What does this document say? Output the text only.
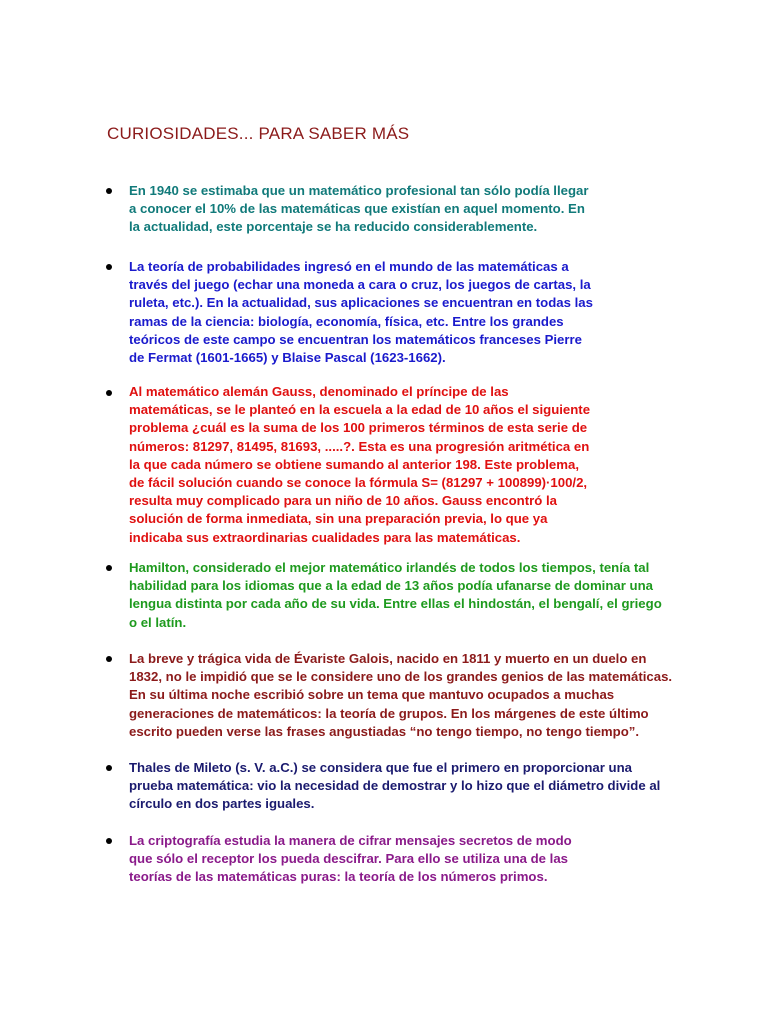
CURIOSIDADES... PARA SABER MÁS

En 1940 se estimaba que un matemático profesional tan sólo podía llegar
a conocer el 10% de las matemáticas que existían en aquel momento. En
la actualidad, este porcentaje se ha reducido considerablemente.

La teoría de probabilidades ingresó en el mundo de las matemáticas a
través del juego (echar una moneda a cara o cruz, los juegos de cartas, la
ruleta, etc.). En la actualidad, sus aplicaciones se encuentran en todas las
ramas de la ciencia: biología, economía, física, etc. Entre los grandes
teóricos de este campo se encuentran los matemáticos franceses Pierre
de Fermat (1601-1665) y Blaise Pascal (1623-1662).

Al matemático alemán Gauss, denominado el príncipe de las
matemáticas, se le planteó en la escuela a la edad de 10 años el siguiente
problema ¿cuál es la suma de los 100 primeros términos de esta serie de
números: 81297, 81495, 81693, .....?. Esta es una progresión aritmética en
la que cada número se obtiene sumando al anterior 198. Este problema,
de fácil solución cuando se conoce la fórmula S= (81297 + 100899)·100/2,
resulta muy complicado para un niño de 10 años. Gauss encontró la
solución de forma inmediata, sin una preparación previa, lo que ya
indicaba sus extraordinarias cualidades para las matemáticas.

Hamilton, considerado el mejor matemático irlandés de todos los tiempos, tenía tal
habilidad para los idiomas que a la edad de 13 años podía ufanarse de dominar una
lengua distinta por cada año de su vida. Entre ellas el hindostán, el bengalí, el griego
o el latín.

La breve y trágica vida de Évariste Galois, nacido en 1811 y muerto en un duelo en
1832, no le impidió que se le considere uno de los grandes genios de las matemáticas.
En su última noche escribió sobre un tema que mantuvo ocupados a muchas
generaciones de matemáticos: la teoría de grupos. En los márgenes de este último
escrito pueden verse las frases angustiadas “no tengo tiempo, no tengo tiempo”.

Thales de Mileto (s. V. a.C.) se considera que fue el primero en proporcionar una
prueba matemática: vio la necesidad de demostrar y lo hizo que el diámetro divide al
círculo en dos partes iguales.

La criptografía estudia la manera de cifrar mensajes secretos de modo
que sólo el receptor los pueda descifrar. Para ello se utiliza una de las
teorías de las matemáticas puras: la teoría de los números primos.
